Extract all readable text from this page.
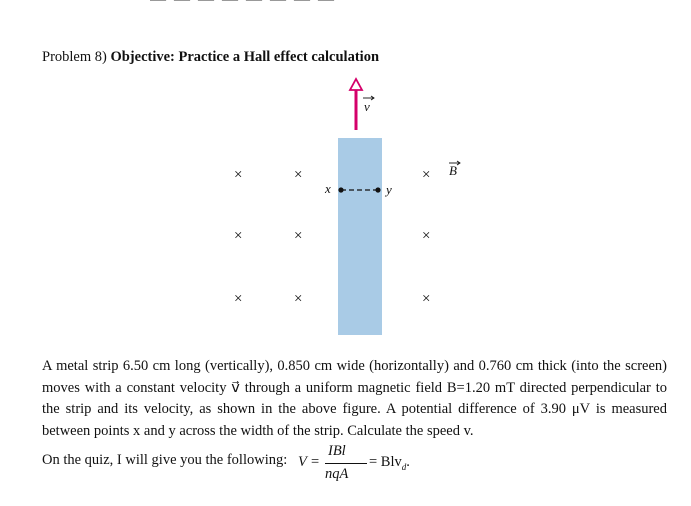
Problem 8) Objective: Practice a Hall effect calculation
×	×	×
×	×	×
×	×	×
v
B
x	y
A metal strip 6.50 cm long (vertically), 0.850 cm wide (horizontally) and 0.760 cm thick (into the screen) moves with a constant velocity v⃗ through a uniform magnetic field B=1.20 mT directed perpendicular to the strip and its velocity, as shown in the above figure. A potential difference of 3.90 μV is measured between points x and y across the width of the strip. Calculate the speed v.
On the quiz, I will give you the following: V =
IBl
nqA
= Blv$_d$.
